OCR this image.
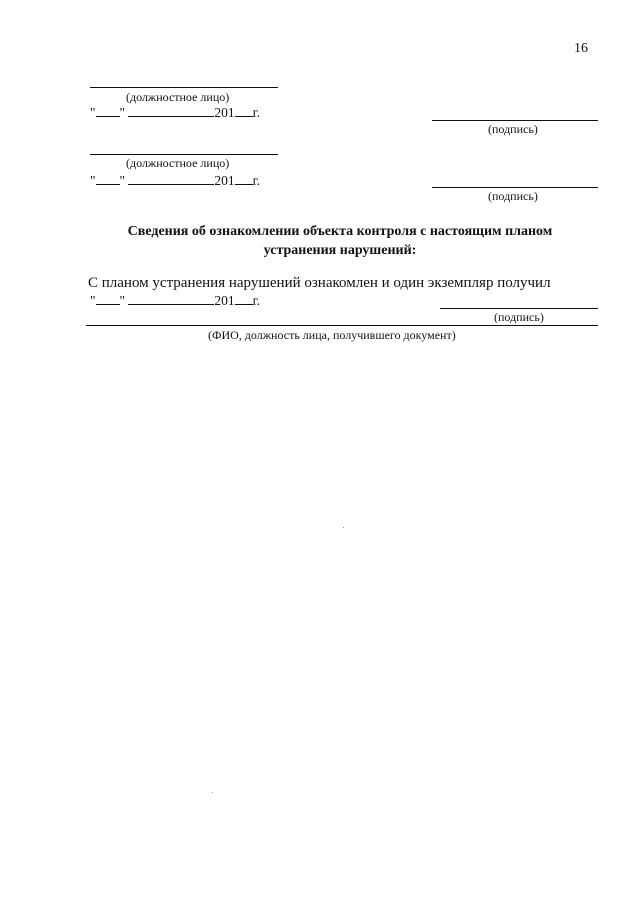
16
(должностное лицо)
" "	201 г.
(подпись)
(должностное лицо)
" "	201 г.
(подпись)
Сведения об ознакомлении объекта контроля с настоящим планом
устранения нарушений:
С планом устранения нарушений ознакомлен и один экземпляр получил
" "	201 г.
(подпись)
(ФИО, должность лица, получившего документ)
